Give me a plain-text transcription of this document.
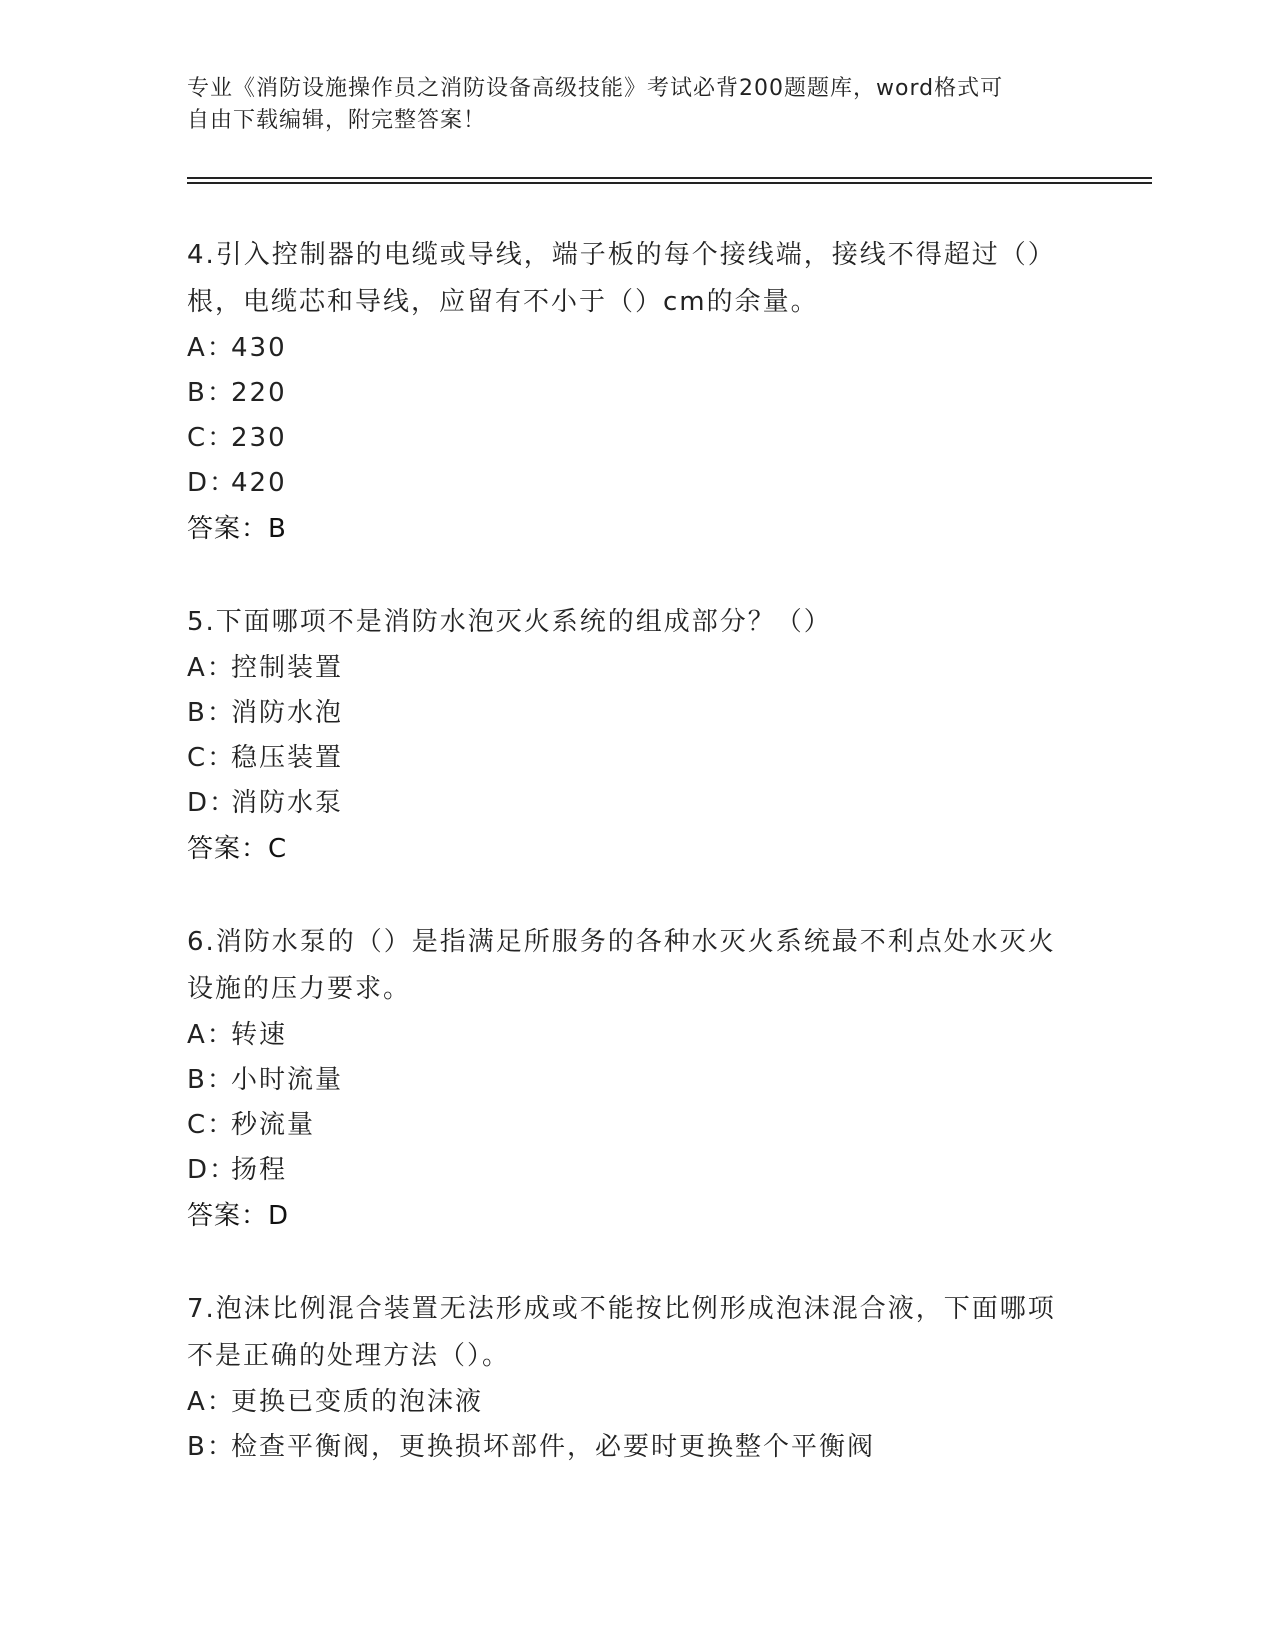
专业《消防设施操作员之消防设备高级技能》考试必背200题题库，word格式可
自由下载编辑，附完整答案！
4.引入控制器的电缆或导线，端子板的每个接线端，接线不得超过（）根，电缆芯和导线，应留有不小于（）cm的余量。
A：430
B：220
C：230
D：420
答案：B
5.下面哪项不是消防水泡灭火系统的组成部分？（）
A：控制装置
B：消防水泡
C：稳压装置
D：消防水泵
答案：C
6.消防水泵的（）是指满足所服务的各种水灭火系统最不利点处水灭火设施的压力要求。
A：转速
B：小时流量
C：秒流量
D：扬程
答案：D
7.泡沫比例混合装置无法形成或不能按比例形成泡沫混合液，下面哪项不是正确的处理方法（）。
A：更换已变质的泡沫液
B：检查平衡阀，更换损坏部件，必要时更换整个平衡阀
